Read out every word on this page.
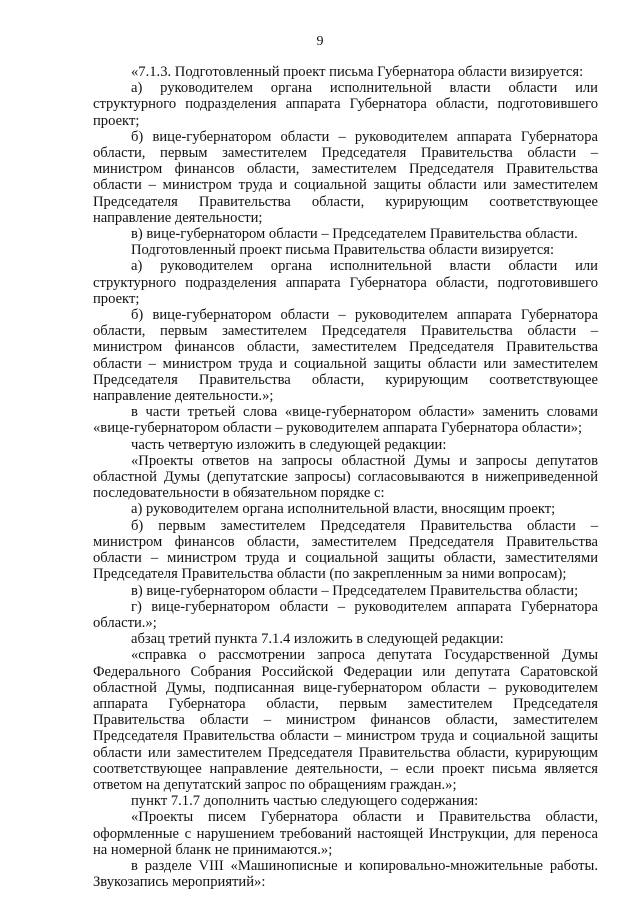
9

«7.1.3. Подготовленный проект письма Губернатора области визируется:

а) руководителем органа исполнительной власти области или структурного подразделения аппарата Губернатора области, подготовившего проект;

б) вице-губернатором области – руководителем аппарата Губернатора области, первым заместителем Председателя Правительства области – министром финансов области, заместителем Председателя Правительства области – министром труда и социальной защиты области или заместителем Председателя Правительства области, курирующим соответствующее направление деятельности;

в) вице-губернатором области – Председателем Правительства области.

Подготовленный проект письма Правительства области визируется:

а) руководителем органа исполнительной власти области или структурного подразделения аппарата Губернатора области, подготовившего проект;

б) вице-губернатором области – руководителем аппарата Губернатора области, первым заместителем Председателя Правительства области – министром финансов области, заместителем Председателя Правительства области – министром труда и социальной защиты области или заместителем Председателя Правительства области, курирующим соответствующее направление деятельности.»;

в части третьей слова «вице-губернатором области» заменить словами «вице-губернатором области – руководителем аппарата Губернатора области»;

часть четвертую изложить в следующей редакции:

«Проекты ответов на запросы областной Думы и запросы депутатов областной Думы (депутатские запросы) согласовываются в нижеприведенной последовательности в обязательном порядке с:

а) руководителем органа исполнительной власти, вносящим проект;

б) первым заместителем Председателя Правительства области – министром финансов области, заместителем Председателя Правительства области – министром труда и социальной защиты области, заместителями Председателя Правительства области (по закрепленным за ними вопросам);

в) вице-губернатором области – Председателем Правительства области;

г) вице-губернатором области – руководителем аппарата Губернатора области.»;

абзац третий пункта 7.1.4 изложить в следующей редакции:

«справка о рассмотрении запроса депутата Государственной Думы Федерального Собрания Российской Федерации или депутата Саратовской областной Думы, подписанная вице-губернатором области – руководителем аппарата Губернатора области, первым заместителем Председателя Правительства области – министром финансов области, заместителем Председателя Правительства области – министром труда и социальной защиты области или заместителем Председателя Правительства области, курирующим соответствующее направление деятельности, – если проект письма является ответом на депутатский запрос по обращениям граждан.»;

пункт 7.1.7 дополнить частью следующего содержания:

«Проекты писем Губернатора области и Правительства области, оформленные с нарушением требований настоящей Инструкции, для переноса на номерной бланк не принимаются.»;

в разделе VIII «Машинописные и копировально-множительные работы. Звукозапись мероприятий»:
